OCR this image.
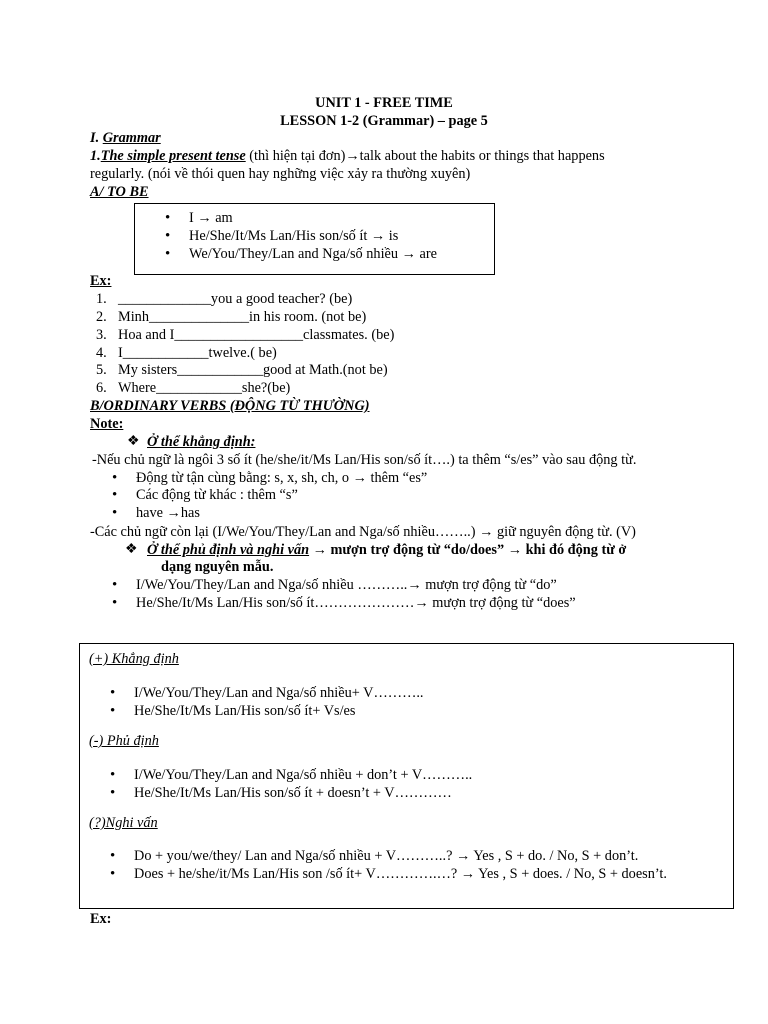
UNIT 1 - FREE TIME
LESSON 1-2 (Grammar) – page 5
I. Grammar
1.The simple present tense (thì hiện tại đơn)→talk about the habits or things that happens
regularly. (nói về thói quen hay nghững việc xảy ra thường xuyên)
A/ TO BE
• I → am
• He/She/It/Ms Lan/His son/số ít → is
• We/You/They/Lan and Nga/số nhiều → are
Ex:
1. _____________you a good teacher? (be)
2. Minh______________in his room. (not be)
3. Hoa and I__________________classmates. (be)
4. I____________twelve.( be)
5. My sisters____________good at Math.(not be)
6. Where____________she?(be)
B/ORDINARY VERBS (ĐỘNG TỪ THƯỜNG)
Note:
❖ Ở thể khẳng định:
-Nếu chủ ngữ là ngôi 3 số ít (he/she/it/Ms Lan/His son/số ít….) ta thêm “s/es” vào sau động từ.
• Động từ tận cùng bằng: s, x, sh, ch, o → thêm “es”
• Các động từ khác : thêm “s”
• have →has
-Các chủ ngữ còn lại (I/We/You/They/Lan and Nga/số nhiều……..) → giữ nguyên động từ. (V)
❖ Ở thể phủ định và nghi vấn → mượn trợ động từ “do/does” → khi đó động từ ở
dạng nguyên mẫu.
• I/We/You/They/Lan and Nga/số nhiều ………..→ mượn trợ động từ “do”
• He/She/It/Ms Lan/His son/số ít…………………→ mượn trợ động từ “does”
(+) Khẳng định
• I/We/You/They/Lan and Nga/số nhiều+ V………..
• He/She/It/Ms Lan/His son/số ít+ Vs/es
(-) Phủ định
• I/We/You/They/Lan and Nga/số nhiều + don’t + V………..
• He/She/It/Ms Lan/His son/số ít + doesn’t + V…………
(?)Nghi vấn
• Do + you/we/they/ Lan and Nga/số nhiều + V………..? → Yes , S + do. / No, S + don’t.
• Does + he/she/it/Ms Lan/His son /số ít+ V………….…? → Yes , S + does. / No, S + doesn’t.
Ex:
